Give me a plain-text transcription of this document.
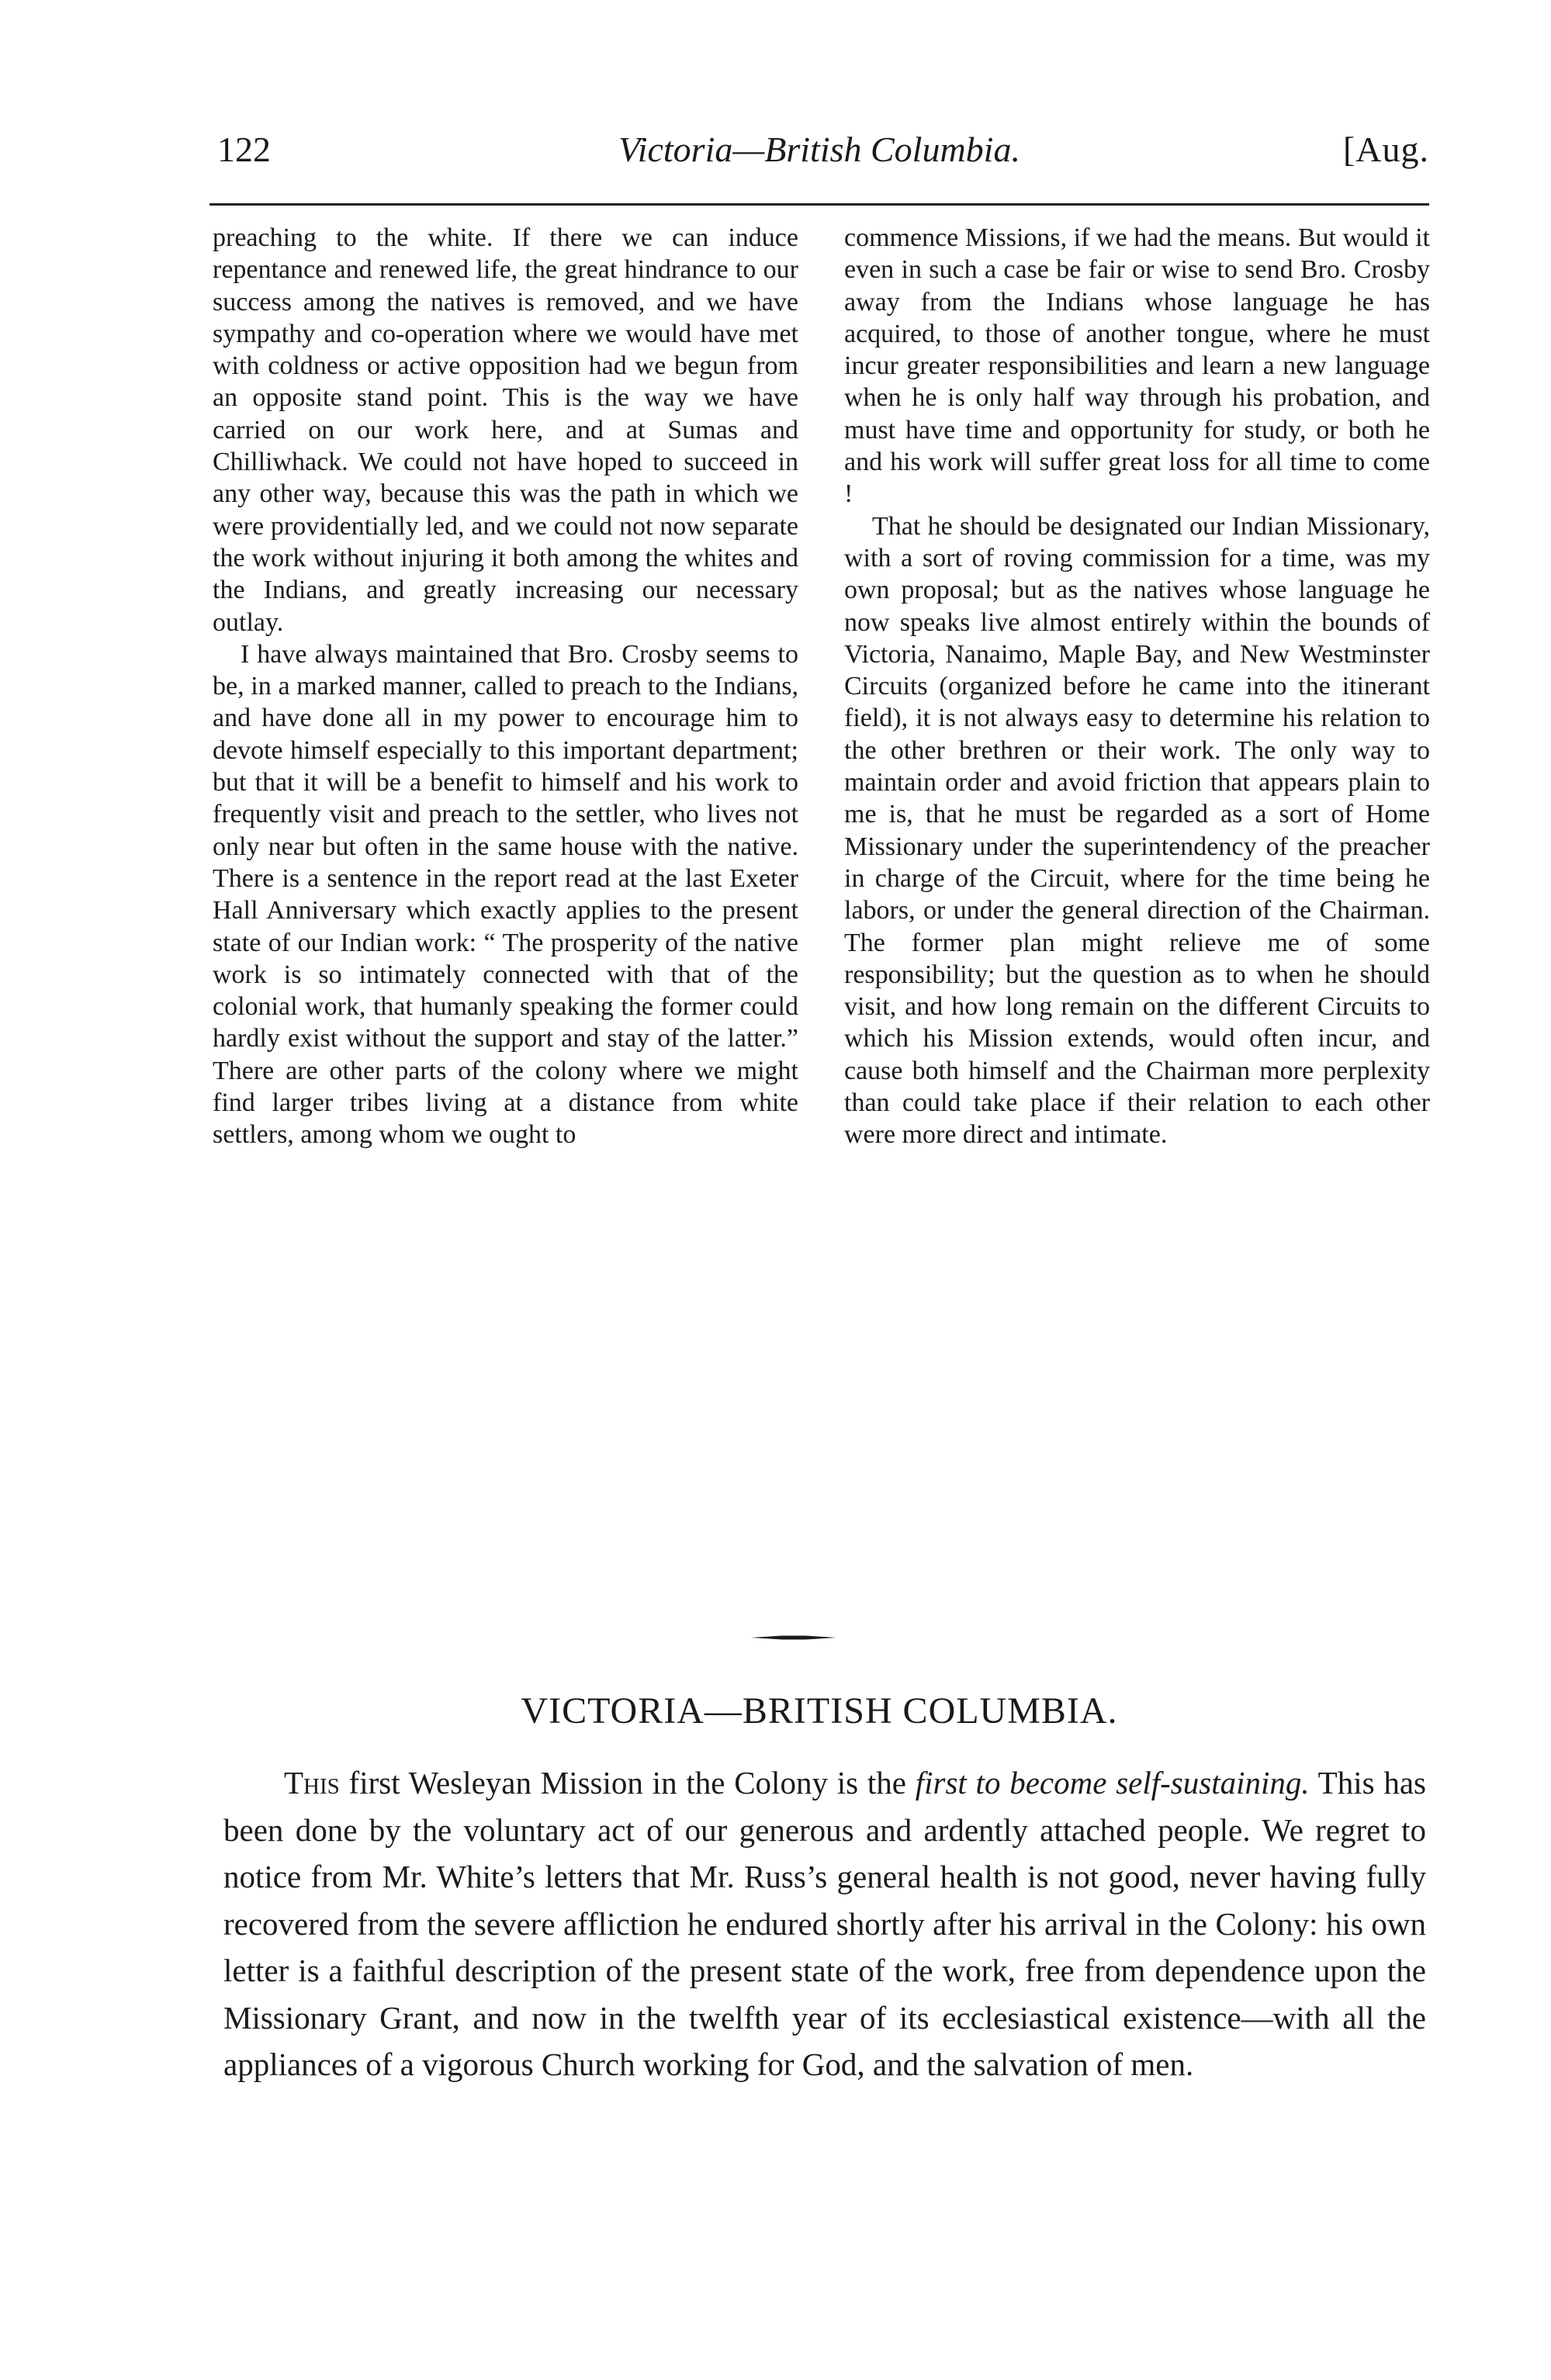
122	Victoria—British Columbia.	[Aug.

preaching to the white. If there we can induce repentance and renewed life, the great hindrance to our success among the natives is removed, and we have sympathy and co-operation where we would have met with coldness or active opposition had we begun from an opposite stand point. This is the way we have carried on our work here, and at Sumas and Chilliwhack. We could not have hoped to succeed in any other way, because this was the path in which we were providentially led, and we could not now separate the work without injuring it both among the whites and the Indians, and greatly increasing our necessary outlay.

I have always maintained that Bro. Crosby seems to be, in a marked manner, called to preach to the Indians, and have done all in my power to encourage him to devote himself especially to this important department; but that it will be a benefit to himself and his work to frequently visit and preach to the settler, who lives not only near but often in the same house with the native. There is a sentence in the report read at the last Exeter Hall Anniversary which exactly applies to the present state of our Indian work: “ The prosperity of the native work is so intimately connected with that of the colonial work, that humanly speaking the former could hardly exist without the support and stay of the latter.” There are other parts of the colony where we might find larger tribes living at a distance from white settlers, among whom we ought to

commence Missions, if we had the means. But would it even in such a case be fair or wise to send Bro. Crosby away from the Indians whose language he has acquired, to those of another tongue, where he must incur greater responsibilities and learn a new language when he is only half way through his probation, and must have time and opportunity for study, or both he and his work will suffer great loss for all time to come !

That he should be designated our Indian Missionary, with a sort of roving commission for a time, was my own proposal; but as the natives whose language he now speaks live almost entirely within the bounds of Victoria, Nanaimo, Maple Bay, and New Westminster Circuits (organized before he came into the itinerant field), it is not always easy to determine his relation to the other brethren or their work. The only way to maintain order and avoid friction that appears plain to me is, that he must be regarded as a sort of Home Missionary under the superintendency of the preacher in charge of the Circuit, where for the time being he labors, or under the general direction of the Chairman. The former plan might relieve me of some responsibility; but the question as to when he should visit, and how long remain on the different Circuits to which his Mission extends, would often incur, and cause both himself and the Chairman more perplexity than could take place if their relation to each other were more direct and intimate.

VICTORIA—BRITISH COLUMBIA.

This first Wesleyan Mission in the Colony is the first to become self-sustaining. This has been done by the voluntary act of our generous and ardently attached people. We regret to notice from Mr. White’s letters that Mr. Russ’s general health is not good, never having fully recovered from the severe affliction he endured shortly after his arrival in the Colony: his own letter is a faithful description of the present state of the work, free from dependence upon the Missionary Grant, and now in the twelfth year of its ecclesiastical existence—with all the appliances of a vigorous Church working for God, and the salvation of men.
